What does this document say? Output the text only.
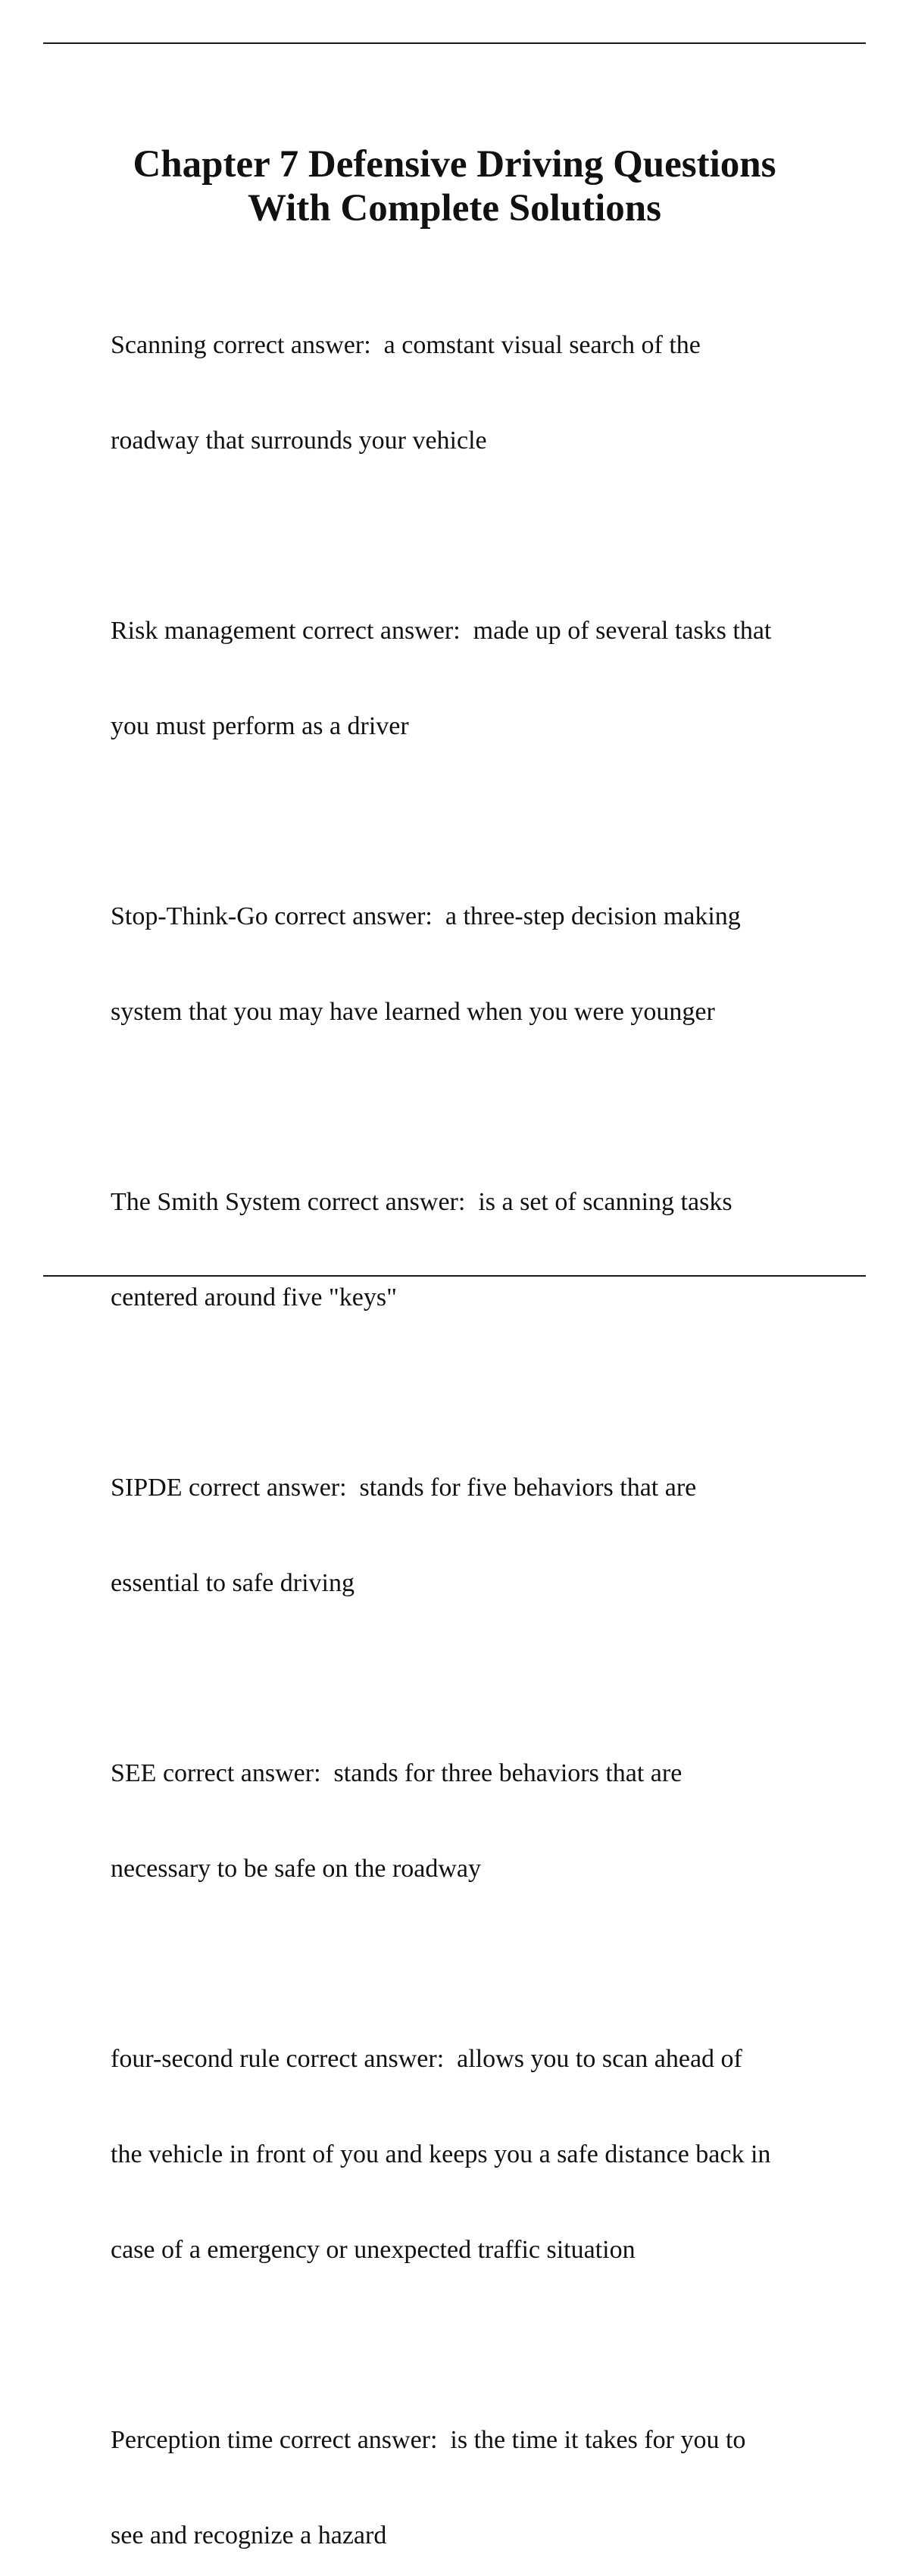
Chapter 7 Defensive Driving Questions
With Complete Solutions

Scanning correct answer:  a comstant visual search of the

roadway that surrounds your vehicle

Risk management correct answer:  made up of several tasks that

you must perform as a driver

Stop-Think-Go correct answer:  a three-step decision making

system that you may have learned when you were younger

The Smith System correct answer:  is a set of scanning tasks

centered around five "keys"

SIPDE correct answer:  stands for five behaviors that are

essential to safe driving

SEE correct answer:  stands for three behaviors that are

necessary to be safe on the roadway

four-second rule correct answer:  allows you to scan ahead of

the vehicle in front of you and keeps you a safe distance back in

case of a emergency or unexpected traffic situation

Perception time correct answer:  is the time it takes for you to

see and recognize a hazard
